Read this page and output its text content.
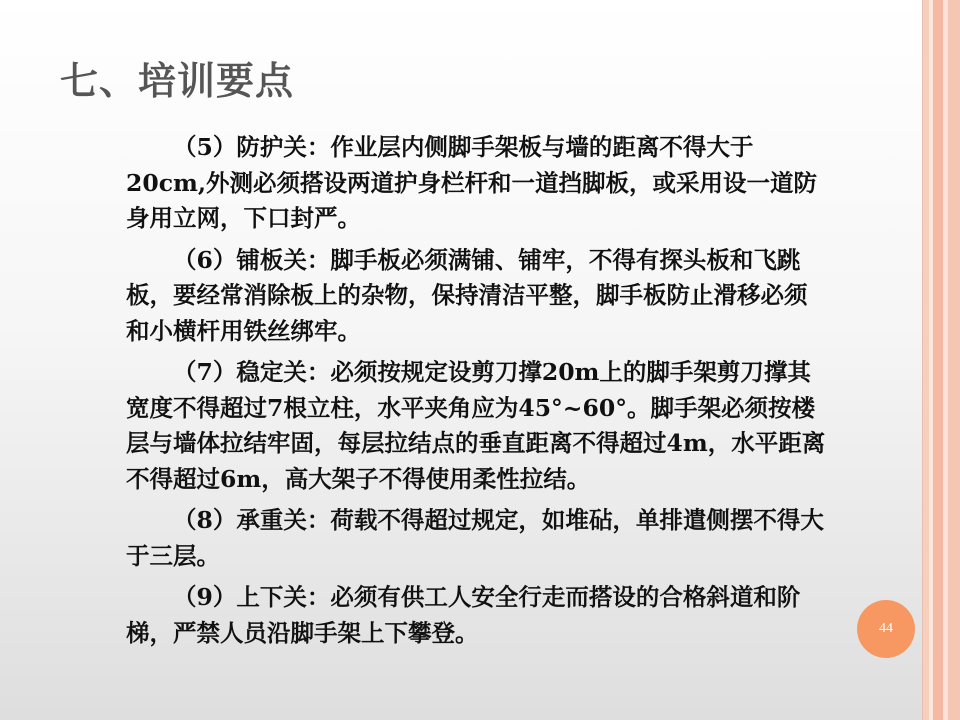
七、培训要点

（5）防护关：作业层内侧脚手架板与墙的距离不得大于20cm,外测必须搭设两道护身栏杆和一道挡脚板，或采用设一道防身用立网，下口封严。

（6）铺板关：脚手板必须满铺、铺牢，不得有探头板和飞跳板，要经常消除板上的杂物，保持清洁平整，脚手板防止滑移必须和小横杆用铁丝绑牢。

（7）稳定关：必须按规定设剪刀撑20m上的脚手架剪刀撑其宽度不得超过7根立柱，水平夹角应为45°~60°。脚手架必须按楼层与墙体拉结牢固，每层拉结点的垂直距离不得超过4m，水平距离不得超过6m，高大架子不得使用柔性拉结。

（8）承重关：荷载不得超过规定，如堆砧，单排遣侧摆不得大于三层。

（9）上下关：必须有供工人安全行走而搭设的合格斜道和阶梯，严禁人员沿脚手架上下攀登。	44
